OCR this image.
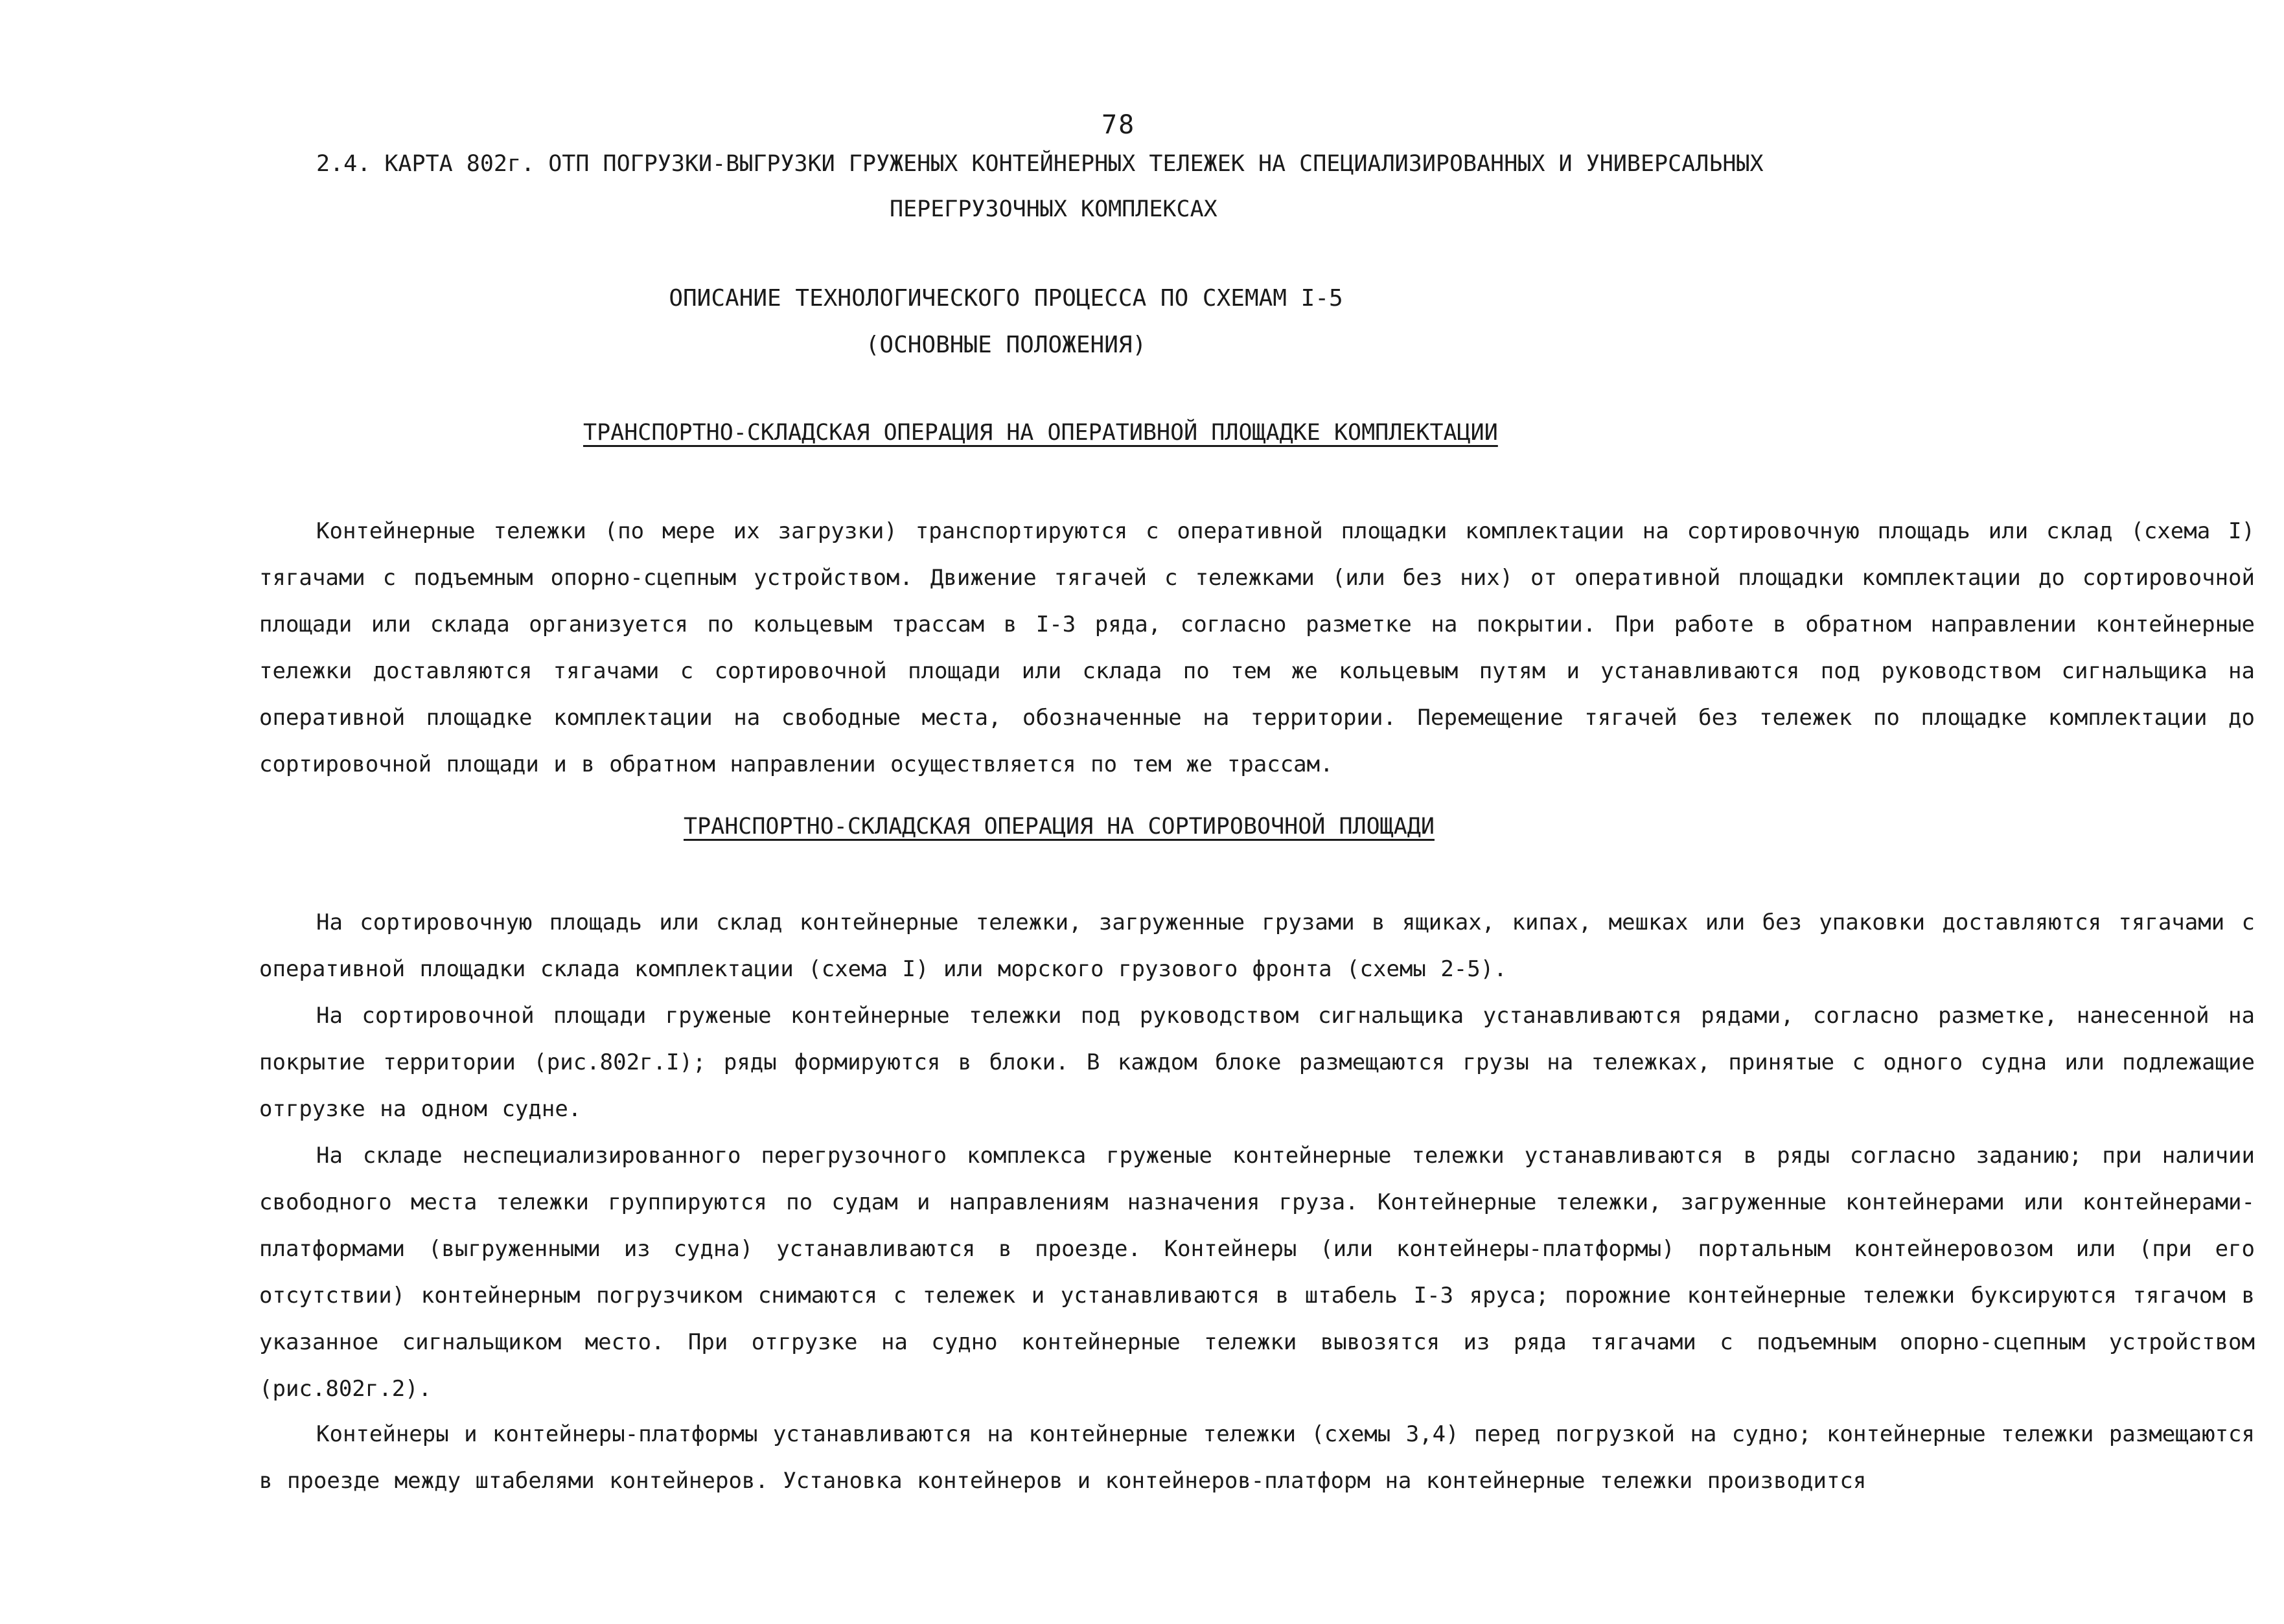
78
2.4. КАРТА 802г. ОТП ПОГРУЗКИ-ВЫГРУЗКИ ГРУЖЕНЫХ КОНТЕЙНЕРНЫХ ТЕЛЕЖЕК НА СПЕЦИАЛИЗИРОВАННЫХ И УНИВЕРСАЛЬНЫХ
ПЕРЕГРУЗОЧНЫХ КОМПЛЕКСАХ
ОПИСАНИЕ ТЕХНОЛОГИЧЕСКОГО ПРОЦЕССА ПО СХЕМАМ I-5
(ОСНОВНЫЕ ПОЛОЖЕНИЯ)
ТРАНСПОРТНО-СКЛАДСКАЯ ОПЕРАЦИЯ НА ОПЕРАТИВНОЙ ПЛОЩАДКЕ КОМПЛЕКТАЦИИ

Контейнерные тележки (по мере их загрузки) транспортируются с оперативной площадки комплектации на сортировочную площадь или склад (схема I) тягачами с подъемным опорно-сцепным устройством. Движение тягачей с тележками (или без них) от оперативной площадки комплектации до сортировочной площади или склада организуется по кольцевым трассам в I-3 ряда, согласно разметке на покрытии. При работе в обратном направлении контейнерные тележки доставляются тягачами с сортировочной площади или склада по тем же кольцевым путям и устанавливаются под руководством сигнальщика на оперативной площадке комплектации на свободные места, обозначенные на территории. Перемещение тягачей без тележек по площадке комплектации до сортировочной площади и в обратном направлении осуществляется по тем же трассам.

ТРАНСПОРТНО-СКЛАДСКАЯ ОПЕРАЦИЯ НА СОРТИРОВОЧНОЙ ПЛОЩАДИ

На сортировочную площадь или склад контейнерные тележки, загруженные грузами в ящиках, кипах, мешках или без упаковки доставляются тягачами с оперативной площадки склада комплектации (схема I) или морского грузового фронта (схемы 2-5).

На сортировочной площади груженые контейнерные тележки под руководством сигнальщика устанавливаются рядами, согласно разметке, нанесенной на покрытие территории (рис.802г.I); ряды формируются в блоки. В каждом блоке размещаются грузы на тележках, принятые с одного судна или подлежащие отгрузке на одном судне.

На складе неспециализированного перегрузочного комплекса груженые контейнерные тележки устанавливаются в ряды согласно заданию; при наличии свободного места тележки группируются по судам и направлениям назначения груза. Контейнерные тележки, загруженные контейнерами или контейнерами-платформами (выгруженными из судна) устанавливаются в проезде. Контейнеры (или контейнеры-платформы) портальным контейнеровозом или (при его отсутствии) контейнерным погрузчиком снимаются с тележек и устанавливаются в штабель I-3 яруса; порожние контейнерные тележки буксируются тягачом в указанное сигнальщиком место. При отгрузке на судно контейнерные тележки вывозятся из ряда тягачами с подъемным опорно-сцепным устройством (рис.802г.2).

Контейнеры и контейнеры-платформы устанавливаются на контейнерные тележки (схемы 3,4) перед погрузкой на судно; контейнерные тележки размещаются в проезде между штабелями контейнеров. Установка контейнеров и контейнеров-платформ на контейнерные тележки производится
